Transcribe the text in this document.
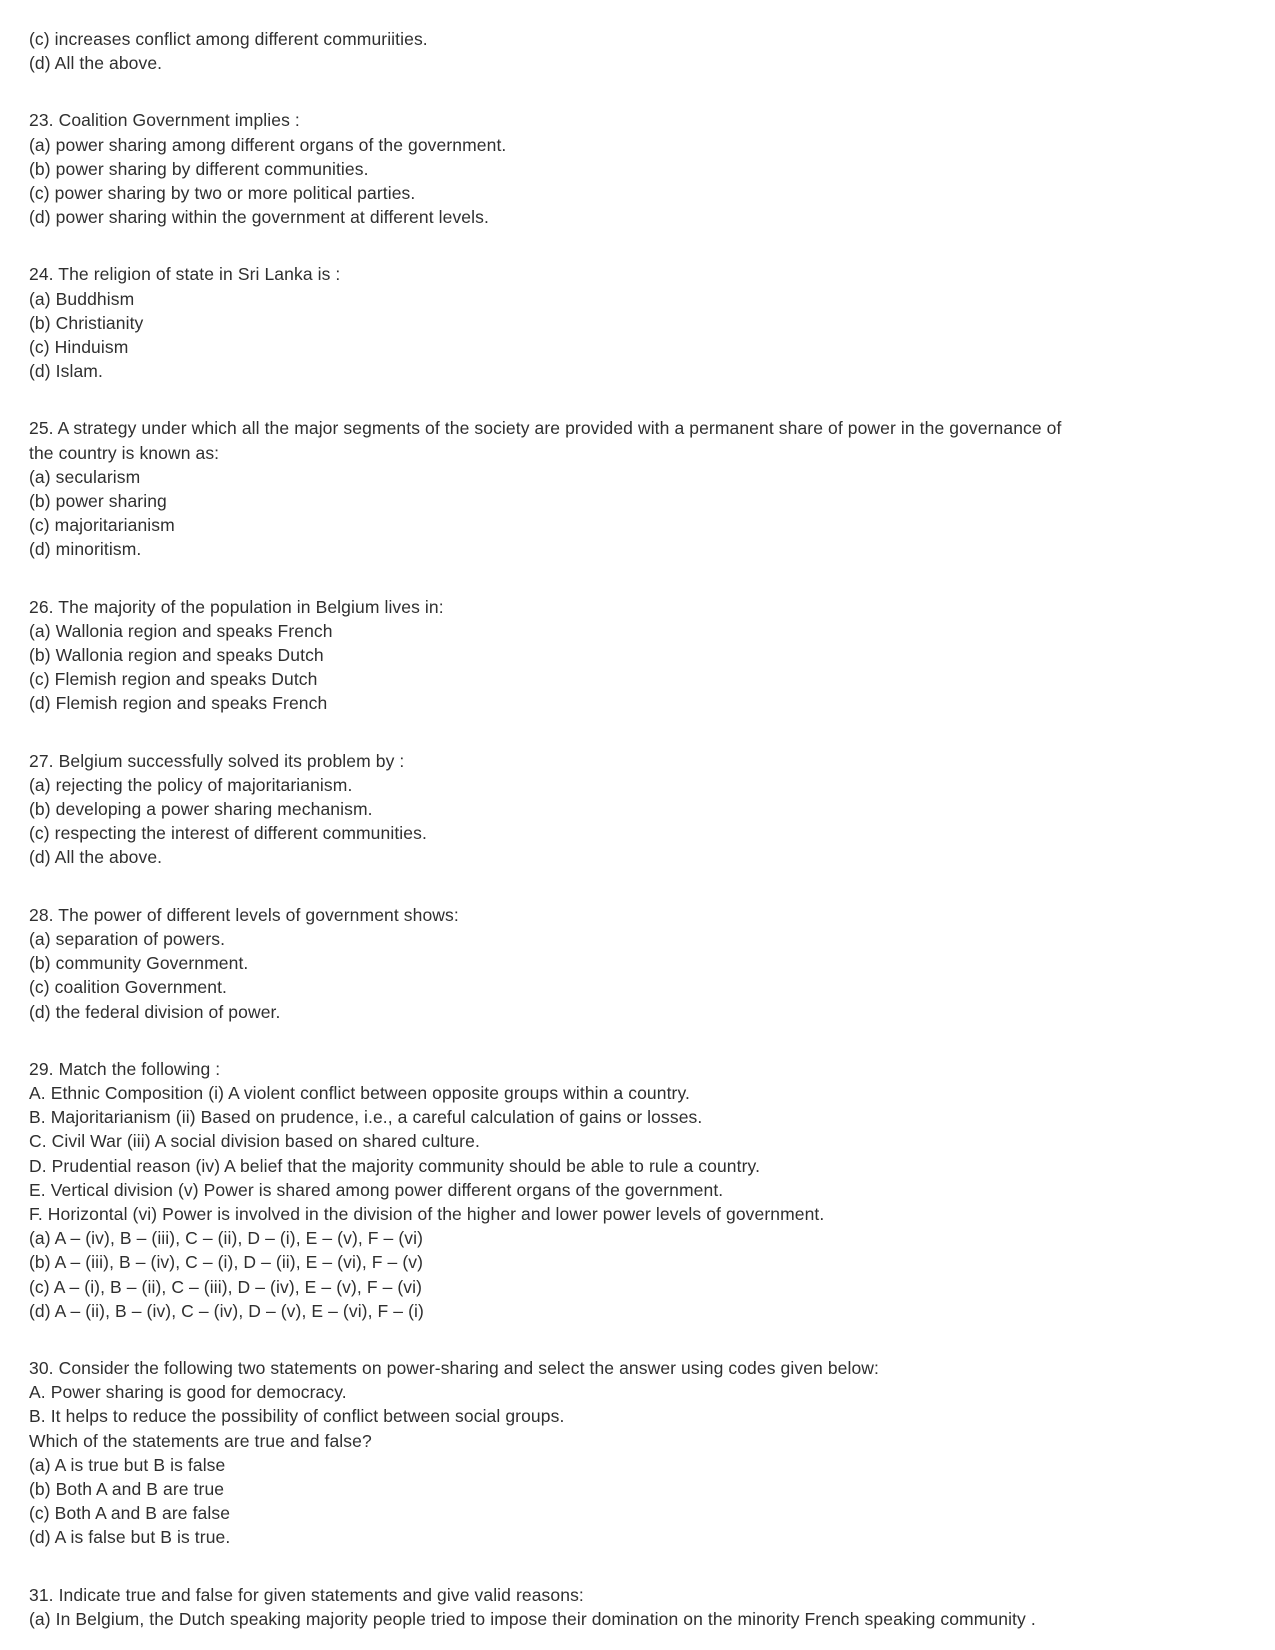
(c) increases conflict among different commuriities.
(d) All the above.
23. Coalition Government implies :
(a) power sharing among different organs of the government.
(b) power sharing by different communities.
(c) power sharing by two or more political parties.
(d) power sharing within the government at different levels.
24. The religion of state in Sri Lanka is :
(a) Buddhism
(b) Christianity
(c) Hinduism
(d) Islam.
25. A strategy under which all the major segments of the society are provided with a permanent share of power in the governance of
the country is known as:
(a) secularism
(b) power sharing
(c) majoritarianism
(d) minoritism.
26. The majority of the population in Belgium lives in:
(a) Wallonia region and speaks French
(b) Wallonia region and speaks Dutch
(c) Flemish region and speaks Dutch
(d) Flemish region and speaks French
27. Belgium successfully solved its problem by :
(a) rejecting the policy of majoritarianism.
(b) developing a power sharing mechanism.
(c) respecting the interest of different communities.
(d) All the above.
28. The power of different levels of government shows:
(a) separation of powers.
(b) community Government.
(c) coalition Government.
(d) the federal division of power.
29. Match the following :
A. Ethnic Composition (i) A violent conflict between opposite groups within a country.
B. Majoritarianism (ii) Based on prudence, i.e., a careful calculation of gains or losses.
C. Civil War (iii) A social division based on shared culture.
D. Prudential reason (iv) A belief that the majority community should be able to rule a country.
E. Vertical division (v) Power is shared among power different organs of the government.
F. Horizontal (vi) Power is involved in the division of the higher and lower power levels of government.
(a) A – (iv), B – (iii), C – (ii), D – (i), E – (v), F – (vi)
(b) A – (iii), B – (iv), C – (i), D – (ii), E – (vi), F – (v)
(c) A – (i), B – (ii), C – (iii), D – (iv), E – (v), F – (vi)
(d) A – (ii), B – (iv), C – (iv), D – (v), E – (vi), F – (i)
30. Consider the following two statements on power-sharing and select the answer using codes given below:
A. Power sharing is good for democracy.
B. It helps to reduce the possibility of conflict between social groups.
Which of the statements are true and false?
(a) A is true but B is false
(b) Both A and B are true
(c) Both A and B are false
(d) A is false but B is true.
31. Indicate true and false for given statements and give valid reasons:
(a) In Belgium, the Dutch speaking majority people tried to impose their domination on the minority French speaking community .
